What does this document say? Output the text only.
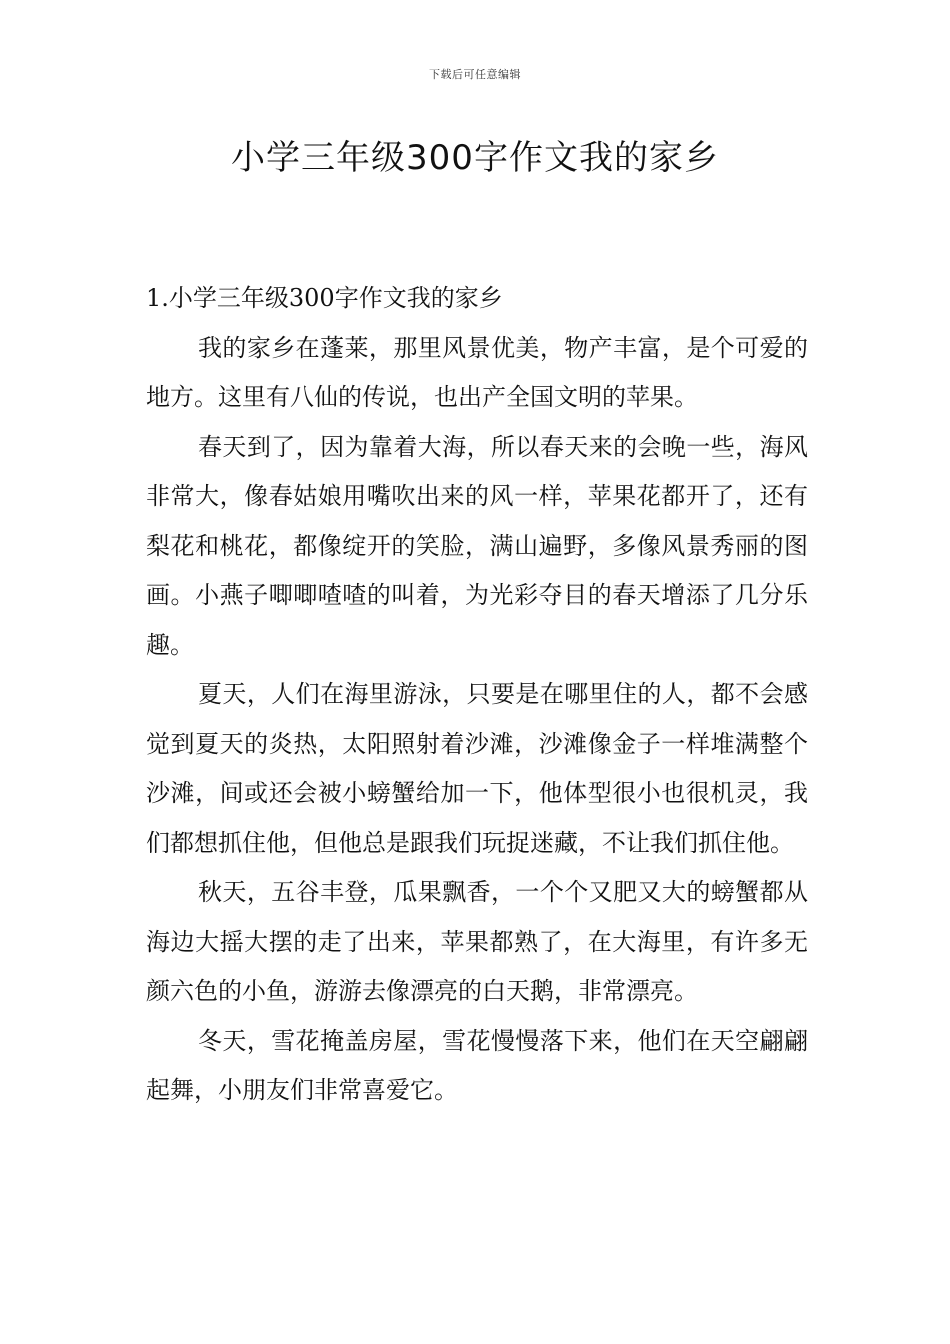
下载后可任意编辑
小学三年级300字作文我的家乡

1.小学三年级300字作文我的家乡

我的家乡在蓬莱，那里风景优美，物产丰富，是个可爱的地方。这里有八仙的传说，也出产全国文明的苹果。

春天到了，因为靠着大海，所以春天来的会晚一些，海风非常大，像春姑娘用嘴吹出来的风一样，苹果花都开了，还有梨花和桃花，都像绽开的笑脸，满山遍野，多像风景秀丽的图画。小燕子唧唧喳喳的叫着，为光彩夺目的春天增添了几分乐趣。

夏天，人们在海里游泳，只要是在哪里住的人，都不会感觉到夏天的炎热，太阳照射着沙滩，沙滩像金子一样堆满整个沙滩，间或还会被小螃蟹给加一下，他体型很小也很机灵，我们都想抓住他，但他总是跟我们玩捉迷藏，不让我们抓住他。

秋天，五谷丰登，瓜果飘香，一个个又肥又大的螃蟹都从海边大摇大摆的走了出来，苹果都熟了，在大海里，有许多无颜六色的小鱼，游游去像漂亮的白天鹅，非常漂亮。

冬天，雪花掩盖房屋，雪花慢慢落下来，他们在天空翩翩起舞，小朋友们非常喜爱它。
